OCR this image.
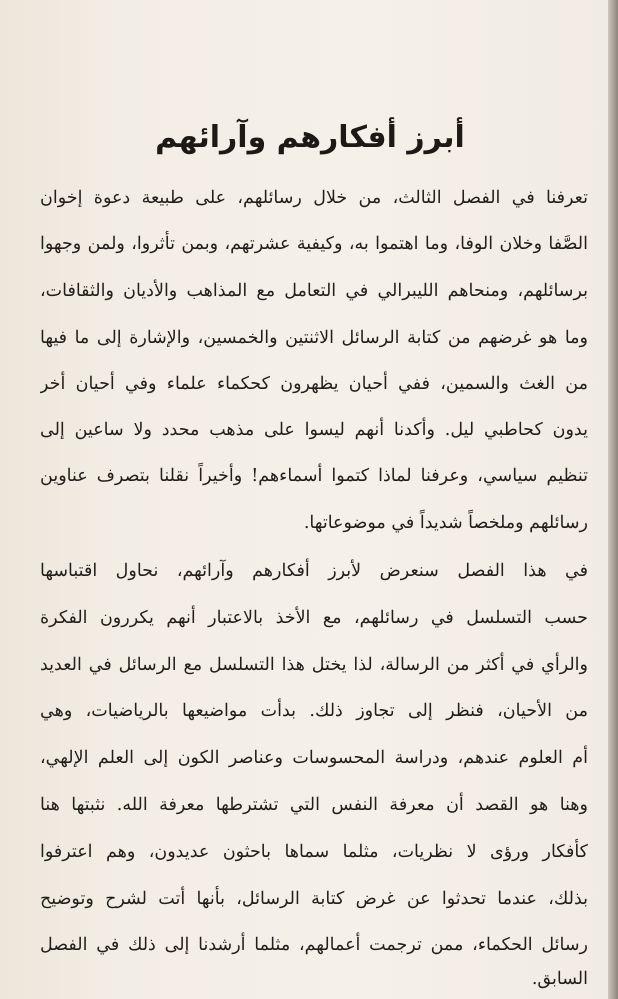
أبرز أفكارهم وآرائهم
تعرفنا في الفصل الثالث، من خلال رسائلهم، على طبيعة دعوة إخوان
الصَّفا وخلان الوفا، وما اهتموا به، وكيفية عشرتهم، وبمن تأثروا، ولمن وجهوا
برسائلهم، ومنحاهم الليبرالي في التعامل مع المذاهب والأديان والثقافات،
وما هو غرضهم من كتابة الرسائل الاثنتين والخمسين، والإشارة إلى ما فيها
من الغث والسمين، ففي أحيان يظهرون كحكماء علماء وفي أحيان أخر
يدون كحاطبي ليل. وأكدنا أنهم ليسوا على مذهب محدد ولا ساعين إلى
تنظيم سياسي، وعرفنا لماذا كتموا أسماءهم! وأخيراً نقلنا بتصرف عناوين
رسائلهم وملخصاً شديداً في موضوعاتها.
في هذا الفصل سنعرض لأبرز أفكارهم وآرائهم، نحاول اقتباسها
حسب التسلسل في رسائلهم، مع الأخذ بالاعتبار أنهم يكررون الفكرة
والرأي في أكثر من الرسالة، لذا يختل هذا التسلسل مع الرسائل في العديد
من الأحيان، فنظر إلى تجاوز ذلك. بدأت مواضيعها بالرياضيات، وهي
أم العلوم عندهم، ودراسة المحسوسات وعناصر الكون إلى العلم الإلهي،
وهنا هو القصد أن معرفة النفس التي تشترطها معرفة الله. نثبتها هنا
كأفكار ورؤى لا نظريات، مثلما سماها باحثون عديدون، وهم اعترفوا
بذلك، عندما تحدثوا عن غرض كتابة الرسائل، بأنها أتت لشرح وتوضيح
رسائل الحكماء، ممن ترجمت أعمالهم، مثلما أرشدنا إلى ذلك في الفصل
السابق.
